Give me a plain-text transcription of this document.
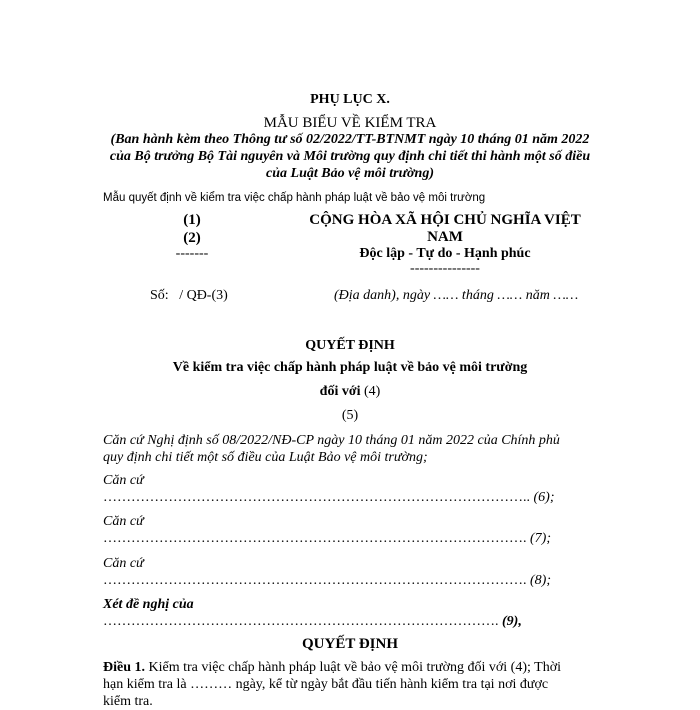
PHỤ LỤC X.
MẪU BIỂU VỀ KIỂM TRA
(Ban hành kèm theo Thông tư số 02/2022/TT-BTNMT ngày 10 tháng 01 năm 2022
của Bộ trưởng Bộ Tài nguyên và Môi trường quy định chi tiết thi hành một số điều
của Luật Bảo vệ môi trường)
Mẫu quyết định về kiểm tra việc chấp hành pháp luật về bảo vệ môi trường
(1)
(2)
-------
CỘNG HÒA XÃ HỘI CHỦ NGHĨA VIỆT
NAM
Độc lập - Tự do - Hạnh phúc
---------------
Số: / QĐ-(3)	(Địa danh), ngày …… tháng …… năm ……
QUYẾT ĐỊNH
Về kiểm tra việc chấp hành pháp luật về bảo vệ môi trường
đối với (4)
(5)
Căn cứ Nghị định số 08/2022/NĐ-CP ngày 10 tháng 01 năm 2022 của Chính phủ
quy định chi tiết một số điều của Luật Bảo vệ môi trường;
Căn cứ
……………………………………………………………………………….. (6);
Căn cứ
………………………………………………………………………………. (7);
Căn cứ
………………………………………………………………………………. (8);
Xét đề nghị của
…………………………………………………………………………. (9),
QUYẾT ĐỊNH
Điều 1. Kiểm tra việc chấp hành pháp luật về bảo vệ môi trường đối với (4); Thời
hạn kiểm tra là ……… ngày, kể từ ngày bắt đầu tiến hành kiểm tra tại nơi được
kiểm tra.
